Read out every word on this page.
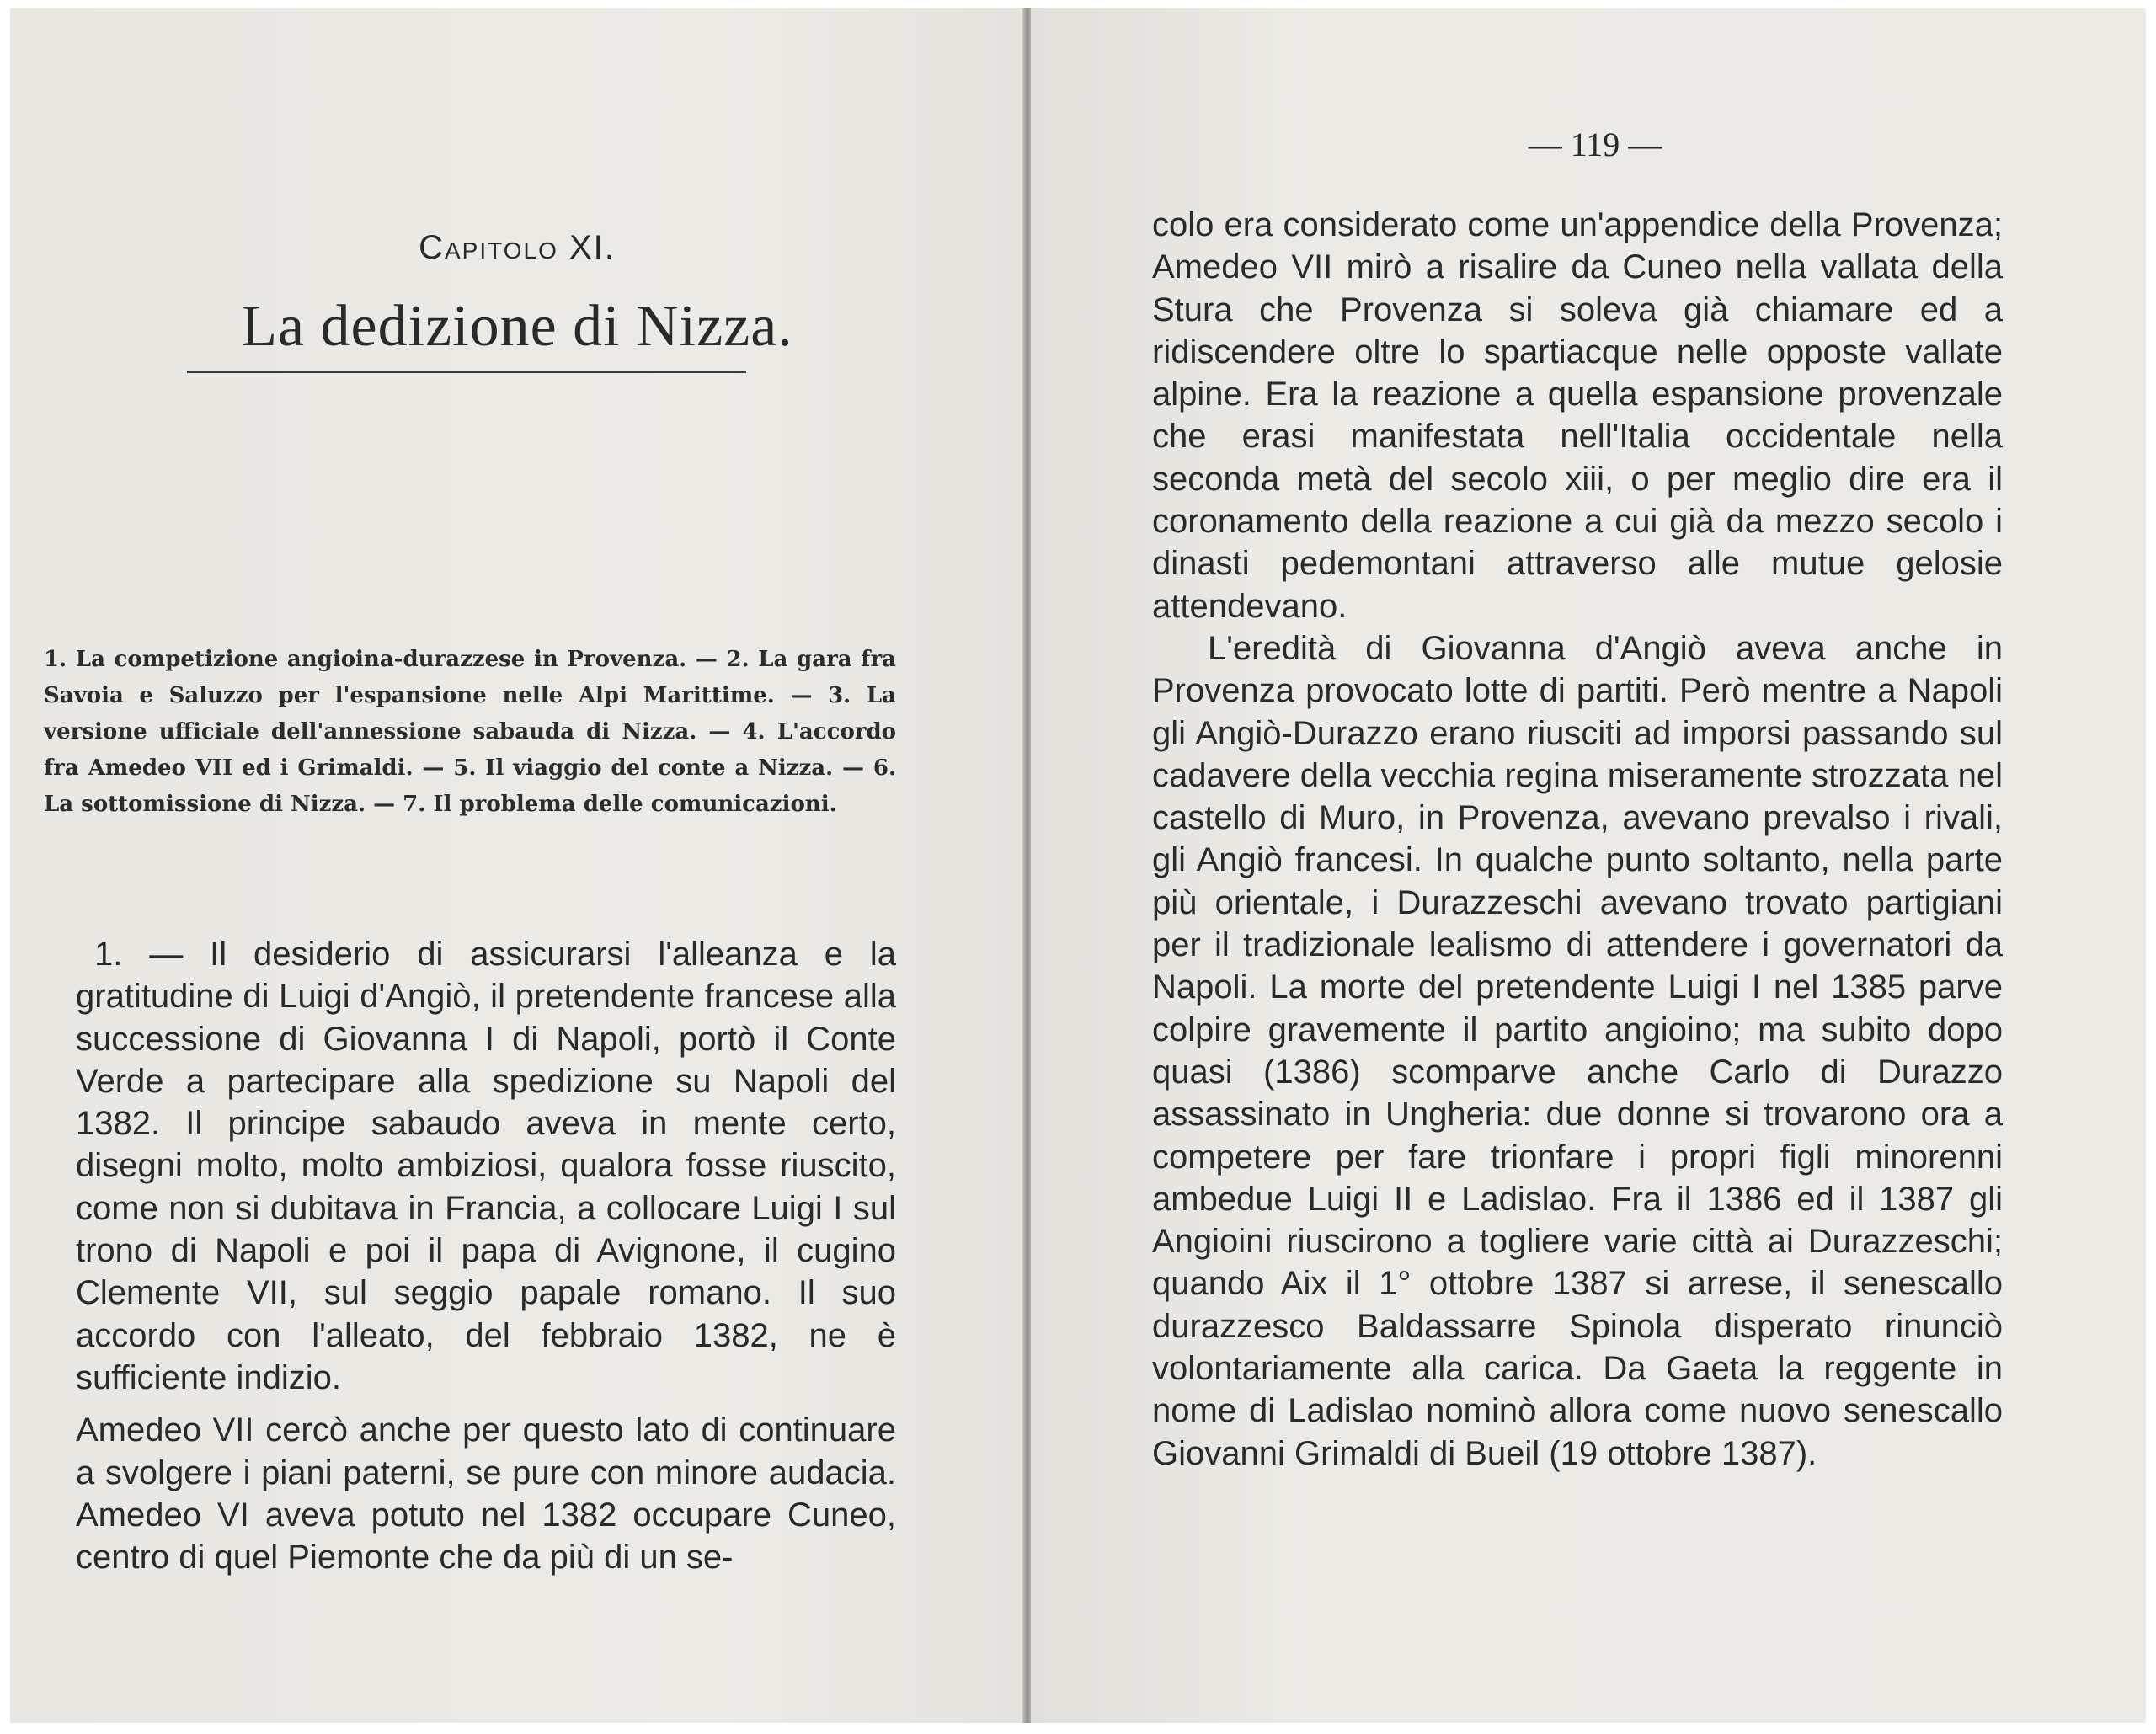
Capitolo XI.
La dedizione di Nizza.
1. La competizione angioina-durazzese in Provenza. — 2. La gara fra Savoia e Saluzzo per l'espansione nelle Alpi Marittime. — 3. La versione ufficiale dell'annessione sabauda di Nizza. — 4. L'accordo fra Amedeo VII ed i Grimaldi. — 5. Il viaggio del conte a Nizza. — 6. La sottomissione di Nizza. — 7. Il problema delle comunicazioni.

1. — Il desiderio di assicurarsi l'alleanza e la gratitudine di Luigi d'Angiò, il pretendente francese alla successione di Giovanna I di Napoli, portò il Conte Verde a partecipare alla spedizione su Napoli del 1382. Il principe sabaudo aveva in mente certo, disegni molto, molto ambiziosi, qualora fosse riuscito, come non si dubitava in Francia, a collocare Luigi I sul trono di Napoli e poi il papa di Avignone, il cugino Clemente VII, sul seggio papale romano. Il suo accordo con l'alleato, del febbraio 1382, ne è sufficiente indizio.

Amedeo VII cercò anche per questo lato di continuare a svolgere i piani paterni, se pure con minore audacia. Amedeo VI aveva potuto nel 1382 occupare Cuneo, centro di quel Piemonte che da più di un se-

— 119 —

colo era considerato come un'appendice della Provenza; Amedeo VII mirò a risalire da Cuneo nella vallata della Stura che Provenza si soleva già chiamare ed a ridiscendere oltre lo spartiacque nelle opposte vallate alpine. Era la reazione a quella espansione provenzale che erasi manifestata nell'Italia occidentale nella seconda metà del secolo xiii, o per meglio dire era il coronamento della reazione a cui già da mezzo secolo i dinasti pedemontani attraverso alle mutue gelosie attendevano.

L'eredità di Giovanna d'Angiò aveva anche in Provenza provocato lotte di partiti. Però mentre a Napoli gli Angiò-Durazzo erano riusciti ad imporsi passando sul cadavere della vecchia regina miseramente strozzata nel castello di Muro, in Provenza, avevano prevalso i rivali, gli Angiò francesi. In qualche punto soltanto, nella parte più orientale, i Durazzeschi avevano trovato partigiani per il tradizionale lealismo di attendere i governatori da Napoli. La morte del pretendente Luigi I nel 1385 parve colpire gravemente il partito angioino; ma subito dopo quasi (1386) scomparve anche Carlo di Durazzo assassinato in Ungheria: due donne si trovarono ora a competere per fare trionfare i propri figli minorenni ambedue Luigi II e Ladislao. Fra il 1386 ed il 1387 gli Angioini riuscirono a togliere varie città ai Durazzeschi; quando Aix il 1° ottobre 1387 si arrese, il senescallo durazzesco Baldassarre Spinola disperato rinunciò volontariamente alla carica. Da Gaeta la reggente in nome di Ladislao nominò allora come nuovo senescallo Giovanni Grimaldi di Bueil (19 ottobre 1387).
